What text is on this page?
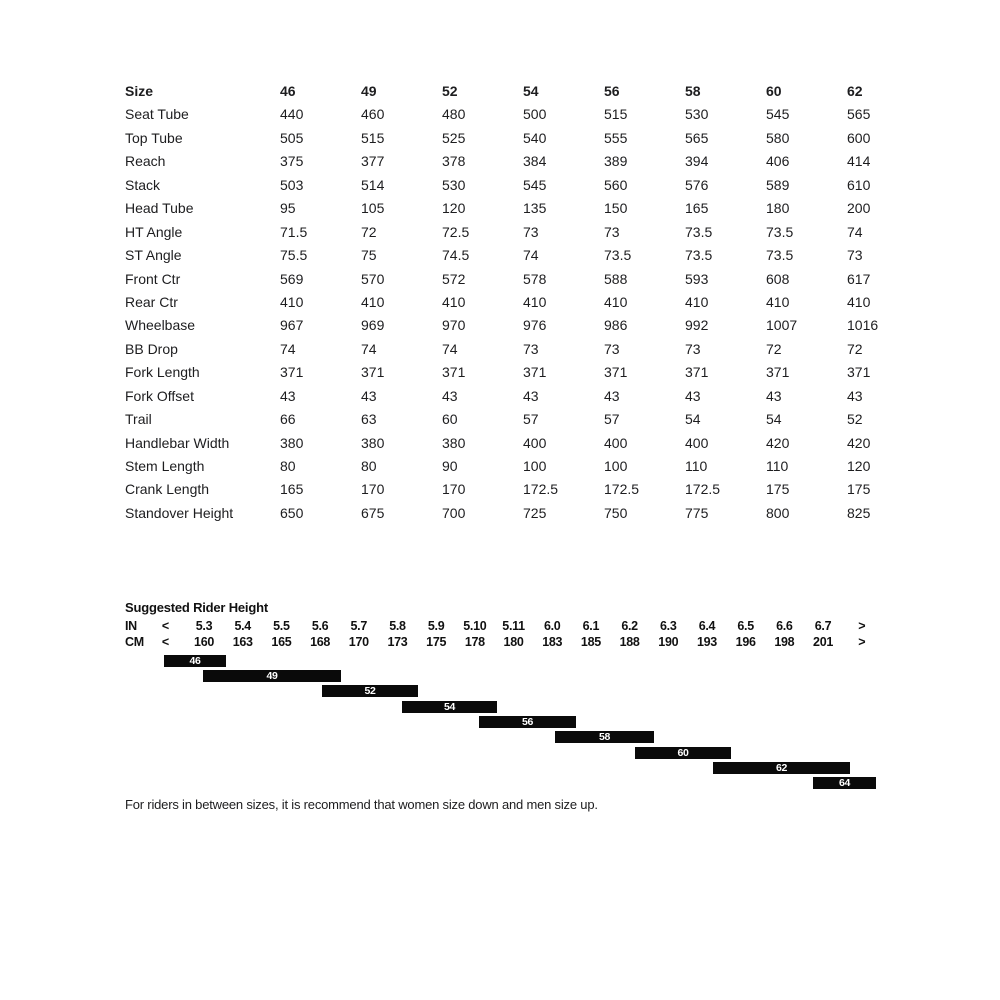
Size	46	49	52	54	56	58	60	62
Seat Tube	440	460	480	500	515	530	545	565
Top Tube	505	515	525	540	555	565	580	600
Reach	375	377	378	384	389	394	406	414
Stack	503	514	530	545	560	576	589	610
Head Tube	95	105	120	135	150	165	180	200
HT Angle	71.5	72	72.5	73	73	73.5	73.5	74
ST Angle	75.5	75	74.5	74	73.5	73.5	73.5	73
Front Ctr	569	570	572	578	588	593	608	617
Rear Ctr	410	410	410	410	410	410	410	410
Wheelbase	967	969	970	976	986	992	1007	1016
BB Drop	74	74	74	73	73	73	72	72
Fork Length	371	371	371	371	371	371	371	371
Fork Offset	43	43	43	43	43	43	43	43
Trail	66	63	60	57	57	54	54	52
Handlebar Width	380	380	380	400	400	400	420	420
Stem Length	80	80	90	100	100	110	110	120
Crank Length	165	170	170	172.5	172.5	172.5	175	175
Standover Height	650	675	700	725	750	775	800	825
Suggested Rider Height
IN	<	5.3	5.4	5.5	5.6	5.7	5.8	5.9	5.10	5.11	6.0	6.1	6.2	6.3	6.4	6.5	6.6	6.7	>
CM	<	160	163	165	168	170	173	175	178	180	183	185	188	190	193	196	198	201	>
46
49
52
54
56
58
60
62
64
For riders in between sizes, it is recommend that women size down and men size up.
